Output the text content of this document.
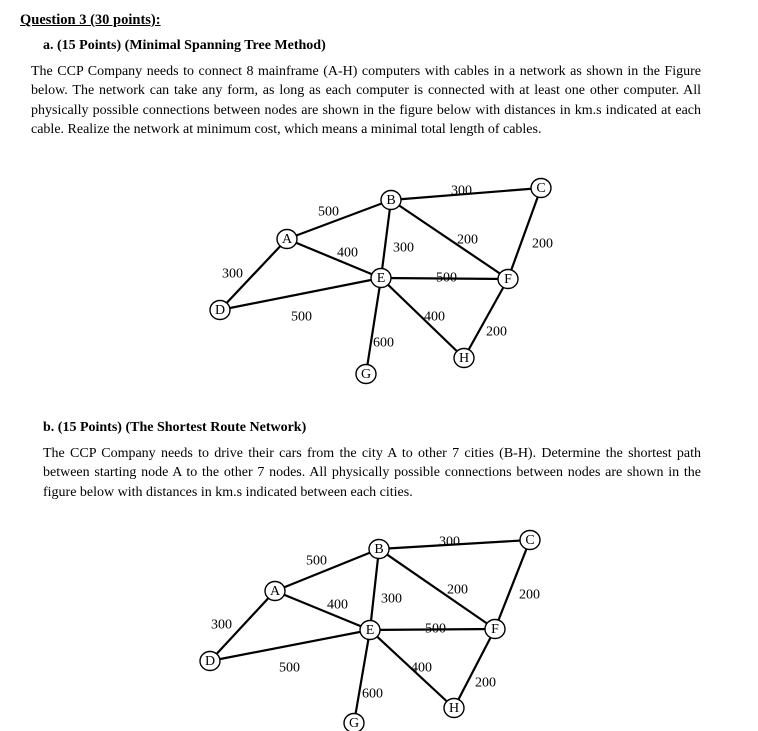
Question 3 (30 points):
a. (15 Points) (Minimal Spanning Tree Method)
The CCP Company needs to connect 8 mainframe (A-H) computers with cables in a network as shown in the Figure below. The network can take any form, as long as each computer is connected with at least one other computer. All physically possible connections between nodes are shown in the figure below with distances in km.s indicated at each cable. Realize the network at minimum cost, which means a minimal total length of cables.
500
300
400
300
300
200	200
500
500
600
400
200
A
B
C
D
E	F
G
H
b. (15 Points) (The Shortest Route Network)
The CCP Company needs to drive their cars from the city A to other 7 cities (B-H). Determine the shortest path between starting node A to the other 7 nodes. All physically possible connections between nodes are shown in the figure below with distances in km.s indicated between each cities.
500
300
400
300
300
200	200
500
500
600
400
200
A
B
C
D
E	F
G
H
